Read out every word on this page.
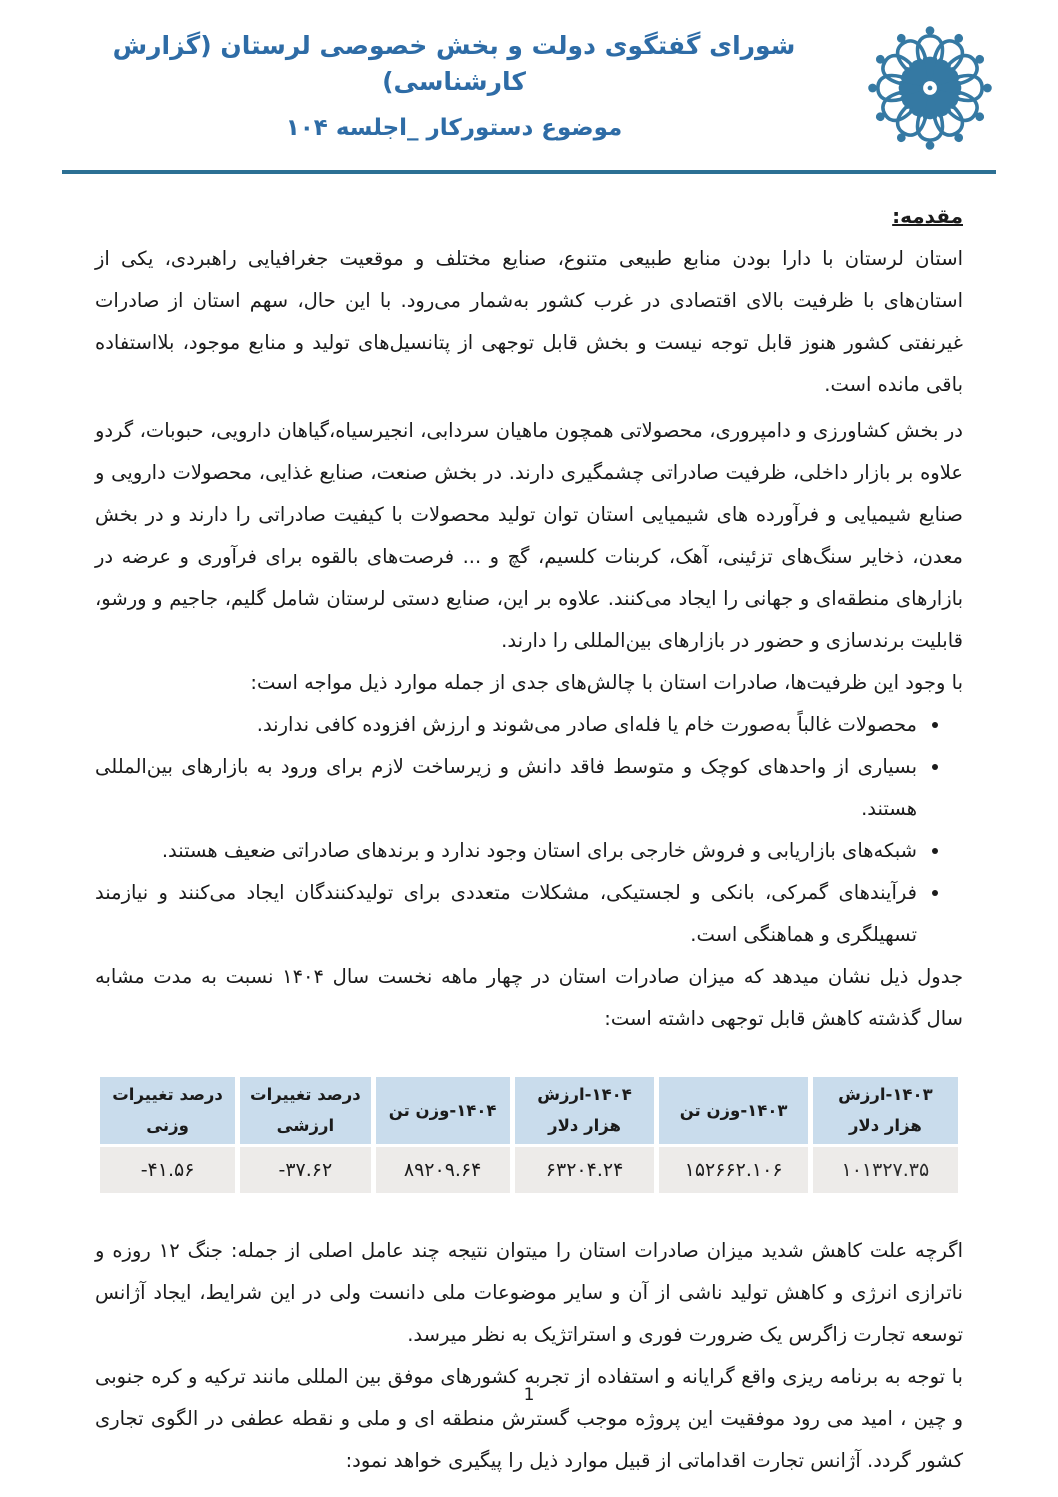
شورای گفتگوی دولت و بخش خصوصی لرستان (گزارش کارشناسی)
موضوع دستورکار _اجلسه ۱۰۴
مقدمه:

استان لرستان با دارا بودن منابع طبیعی متنوع، صنایع مختلف و موقعیت جغرافیایی راهبردی، یکی از استان‌های با ظرفیت بالای اقتصادی در غرب کشور به‌شمار می‌رود. با این حال، سهم استان از صادرات غیرنفتی کشور هنوز قابل توجه نیست و بخش قابل توجهی از پتانسیل‌های تولید و منابع موجود، بلااستفاده باقی مانده است.

در بخش کشاورزی و دامپروری، محصولاتی همچون ماهیان سردابی، انجیرسیاه،گیاهان دارویی، حبوبات، گردو علاوه بر بازار داخلی، ظرفیت صادراتی چشمگیری دارند. در بخش صنعت، صنایع غذایی، محصولات دارویی و صنایع شیمیایی و فرآورده های شیمیایی استان توان تولید محصولات با کیفیت صادراتی را دارند و در بخش معدن، ذخایر سنگ‌های تزئینی، آهک، کربنات کلسیم، گچ و ... فرصت‌های بالقوه برای فرآوری و عرضه در بازارهای منطقه‌ای و جهانی را ایجاد می‌کنند. علاوه بر این، صنایع دستی لرستان شامل گلیم، جاجیم و ورشو، قابلیت برندسازی و حضور در بازارهای بین‌المللی را دارند.

با وجود این ظرفیت‌ها، صادرات استان با چالش‌های جدی از جمله موارد ذیل مواجه است:

• محصولات غالباً به‌صورت خام یا فله‌ای صادر می‌شوند و ارزش افزوده کافی ندارند.
• بسیاری از واحدهای کوچک و متوسط فاقد دانش و زیرساخت لازم برای ورود به بازارهای بین‌المللی هستند.
• شبکه‌های بازاریابی و فروش خارجی برای استان وجود ندارد و برندهای صادراتی ضعیف هستند.
• فرآیندهای گمرکی، بانکی و لجستیکی، مشکلات متعددی برای تولیدکنندگان ایجاد می‌کنند و نیازمند تسهیلگری و هماهنگی است.

جدول ذیل نشان میدهد که میزان صادرات استان در چهار ماهه نخست سال ۱۴۰۴ نسبت به مدت مشابه سال گذشته کاهش قابل توجهی داشته است:

۱۴۰۳-ارزش هزار دلار	۱۴۰۳-وزن تن	۱۴۰۴-ارزش هزار دلار	۱۴۰۴-وزن تن	درصد تغییرات ارزشی	درصد تغییرات وزنی
۱۰۱۳۲۷.۳۵	۱۵۲۶۶۲.۱۰۶	۶۳۲۰۴.۲۴	۸۹۲۰۹.۶۴	-۳۷.۶۲	-۴۱.۵۶

اگرچه علت کاهش شدید میزان صادرات استان را میتوان نتیجه چند عامل اصلی از جمله: جنگ ۱۲ روزه و ناترازی انرژی و کاهش تولید ناشی از آن و سایر موضوعات ملی دانست ولی در این شرایط، ایجاد آژانس توسعه تجارت زاگرس یک ضرورت فوری و استراتژیک به نظر میرسد.

با توجه به برنامه ریزی واقع گرایانه و استفاده از تجربه کشورهای موفق بین المللی مانند ترکیه و کره جنوبی و چین ، امید می رود موفقیت این پروژه موجب گسترش منطقه ای و ملی و نقطه عطفی در الگوی تجاری کشور گردد. آژانس تجارت اقداماتی از قبیل موارد ذیل را پیگیری خواهد نمود:

1
